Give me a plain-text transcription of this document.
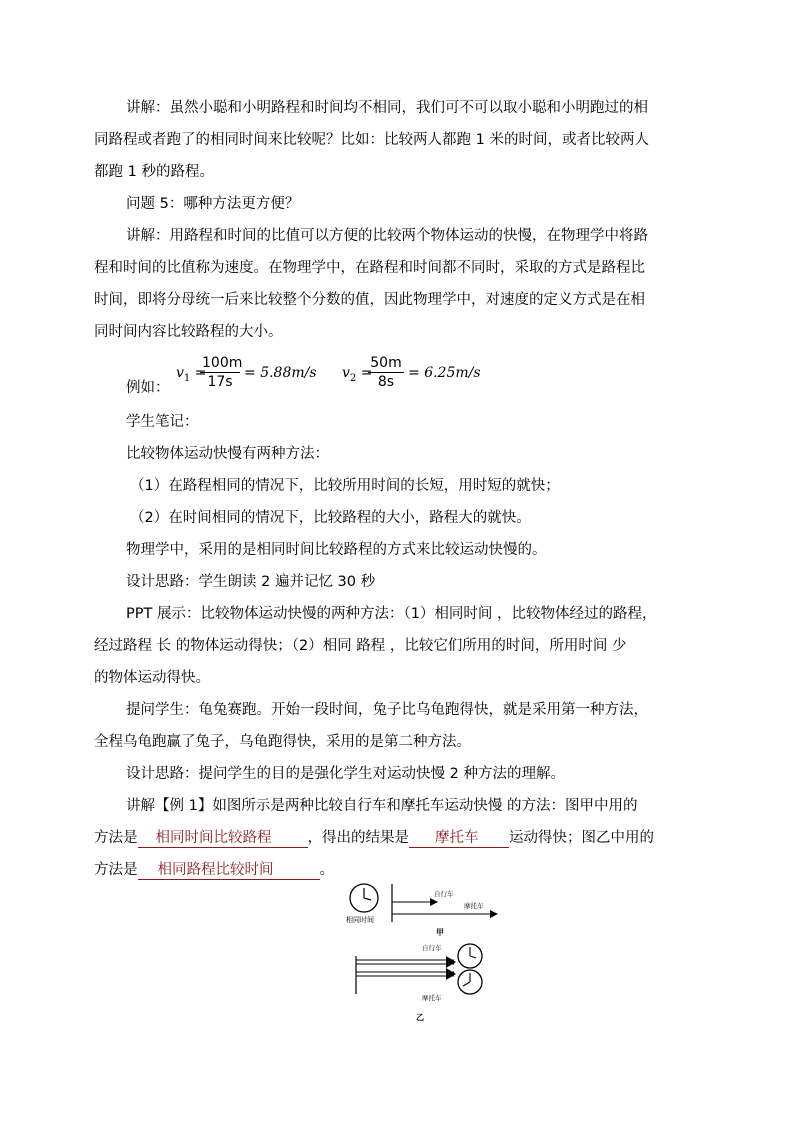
讲解：虽然小聪和小明路程和时间均不相同，我们可不可以取小聪和小明跑过的相
同路程或者跑了的相同时间来比较呢？比如：比较两人都跑 1 米的时间，或者比较两人
都跑 1 秒的路程。
问题 5：哪种方法更方便？
讲解：用路程和时间的比值可以方便的比较两个物体运动的快慢，在物理学中将路
程和时间的比值称为速度。在物理学中，在路程和时间都不同时，采取的方式是路程比
时间，即将分母统一后来比较整个分数的值，因此物理学中，对速度的定义方式是在相
同时间内容比较路程的大小。
例如：
$v_1$ =
$\frac{100m}{17s} = 5.88m/s$ $v_2$ =
$\frac{50m}{8s} = 6.25m/s$
学生笔记：
比较物体运动快慢有两种方法：
（1）在路程相同的情况下，比较所用时间的长短，用时短的就快；
（2）在时间相同的情况下，比较路程的大小，路程大的就快。
物理学中，采用的是相同时间比较路程的方式来比较运动快慢的。
设计思路：学生朗读 2 遍并记忆 30 秒
PPT 展示：比较物体运动快慢的两种方法：（1）相同时间 ，比较物体经过的路程，
经过路程 长 的物体运动得快；（2）相同 路程 ，比较它们所用的时间，所用时间 少
的物体运动得快。
提问学生：龟兔赛跑。开始一段时间，兔子比乌龟跑得快，就是采用第一种方法，
全程乌龟跑赢了兔子，乌龟跑得快，采用的是第二种方法。
设计思路：提问学生的目的是强化学生对运动快慢 2 种方法的理解。
讲解【例 1】如图所示是两种比较自行车和摩托车运动快慢 的方法：图甲中用的
方法是 相同时间比较路程 ，得出的结果是 摩托车 运动得快；图乙中用的
方法是 相同路程比较时间	。
相同时间
自行车
摩托车
甲
自行车
摩托车
乙
